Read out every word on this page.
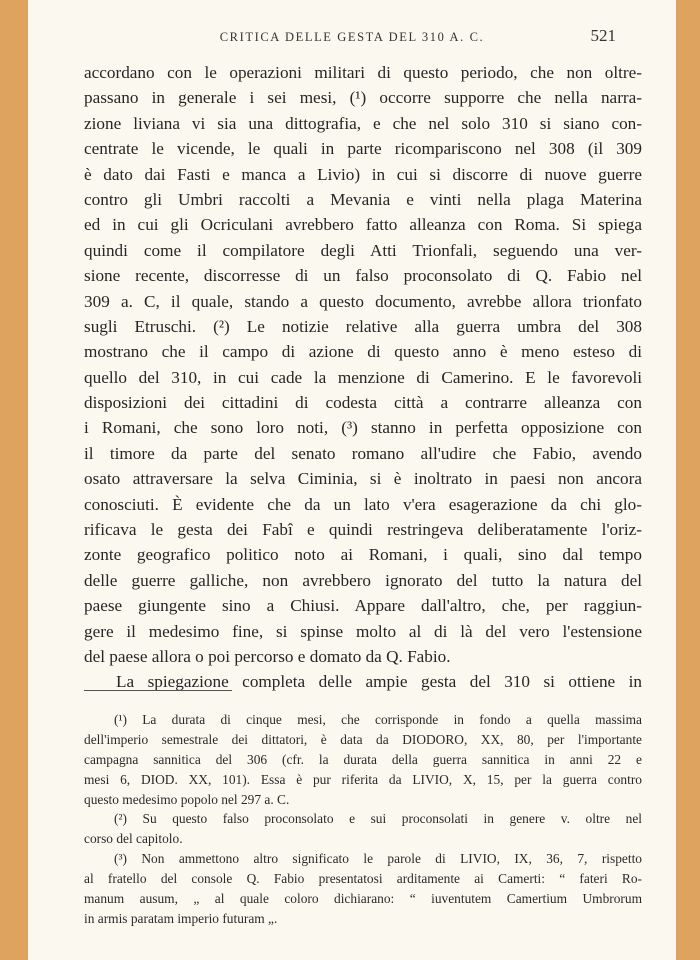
CRITICA DELLE GESTA DEL 310 A. C.	521
accordano con le operazioni militari di questo periodo, che non oltre-
passano in generale i sei mesi, (¹) occorre supporre che nella narra-
zione liviana vi sia una dittografia, e che nel solo 310 si siano con-
centrate le vicende, le quali in parte ricompariscono nel 308 (il 309
è dato dai Fasti e manca a Livio) in cui si discorre di nuove guerre
contro gli Umbri raccolti a Mevania e vinti nella plaga Materina
ed in cui gli Ocriculani avrebbero fatto alleanza con Roma. Si spiega
quindi come il compilatore degli Atti Trionfali, seguendo una ver-
sione recente, discorresse di un falso proconsolato di Q. Fabio nel
309 a. C, il quale, stando a questo documento, avrebbe allora trionfato
sugli Etruschi. (²) Le notizie relative alla guerra umbra del 308
mostrano che il campo di azione di questo anno è meno esteso di
quello del 310, in cui cade la menzione di Camerino. E le favorevoli
disposizioni dei cittadini di codesta città a contrarre alleanza con
i Romani, che sono loro noti, (³) stanno in perfetta opposizione con
il timore da parte del senato romano all'udire che Fabio, avendo
osato attraversare la selva Ciminia, si è inoltrato in paesi non ancora
conosciuti. È evidente che da un lato v'era esagerazione da chi glo-
rificava le gesta dei Fabî e quindi restringeva deliberatamente l'oriz-
zonte geografico politico noto ai Romani, i quali, sino dal tempo
delle guerre galliche, non avrebbero ignorato del tutto la natura del
paese giungente sino a Chiusi. Appare dall'altro, che, per raggiun-
gere il medesimo fine, si spinse molto al di là del vero l'estensione
del paese allora o poi percorso e domato da Q. Fabio.
La spiegazione completa delle ampie gesta del 310 si ottiene in
(¹) La durata di cinque mesi, che corrisponde in fondo a quella massima
dell'imperio semestrale dei dittatori, è data da DIODORO, XX, 80, per l'importante
campagna sannitica del 306 (cfr. la durata della guerra sannitica in anni 22 e
mesi 6, DIOD. XX, 101). Essa è pur riferita da LIVIO, X, 15, per la guerra contro
questo medesimo popolo nel 297 a. C.
(²) Su questo falso proconsolato e sui proconsolati in genere v. oltre nel
corso del capitolo.
(³) Non ammettono altro significato le parole di LIVIO, IX, 36, 7, rispetto
al fratello del console Q. Fabio presentatosi arditamente ai Camerti: “ fateri Ro-
manum ausum, „ al quale coloro dichiarano: “ iuventutem Camertium Umbrorum
in armis paratam imperio futuram „.
